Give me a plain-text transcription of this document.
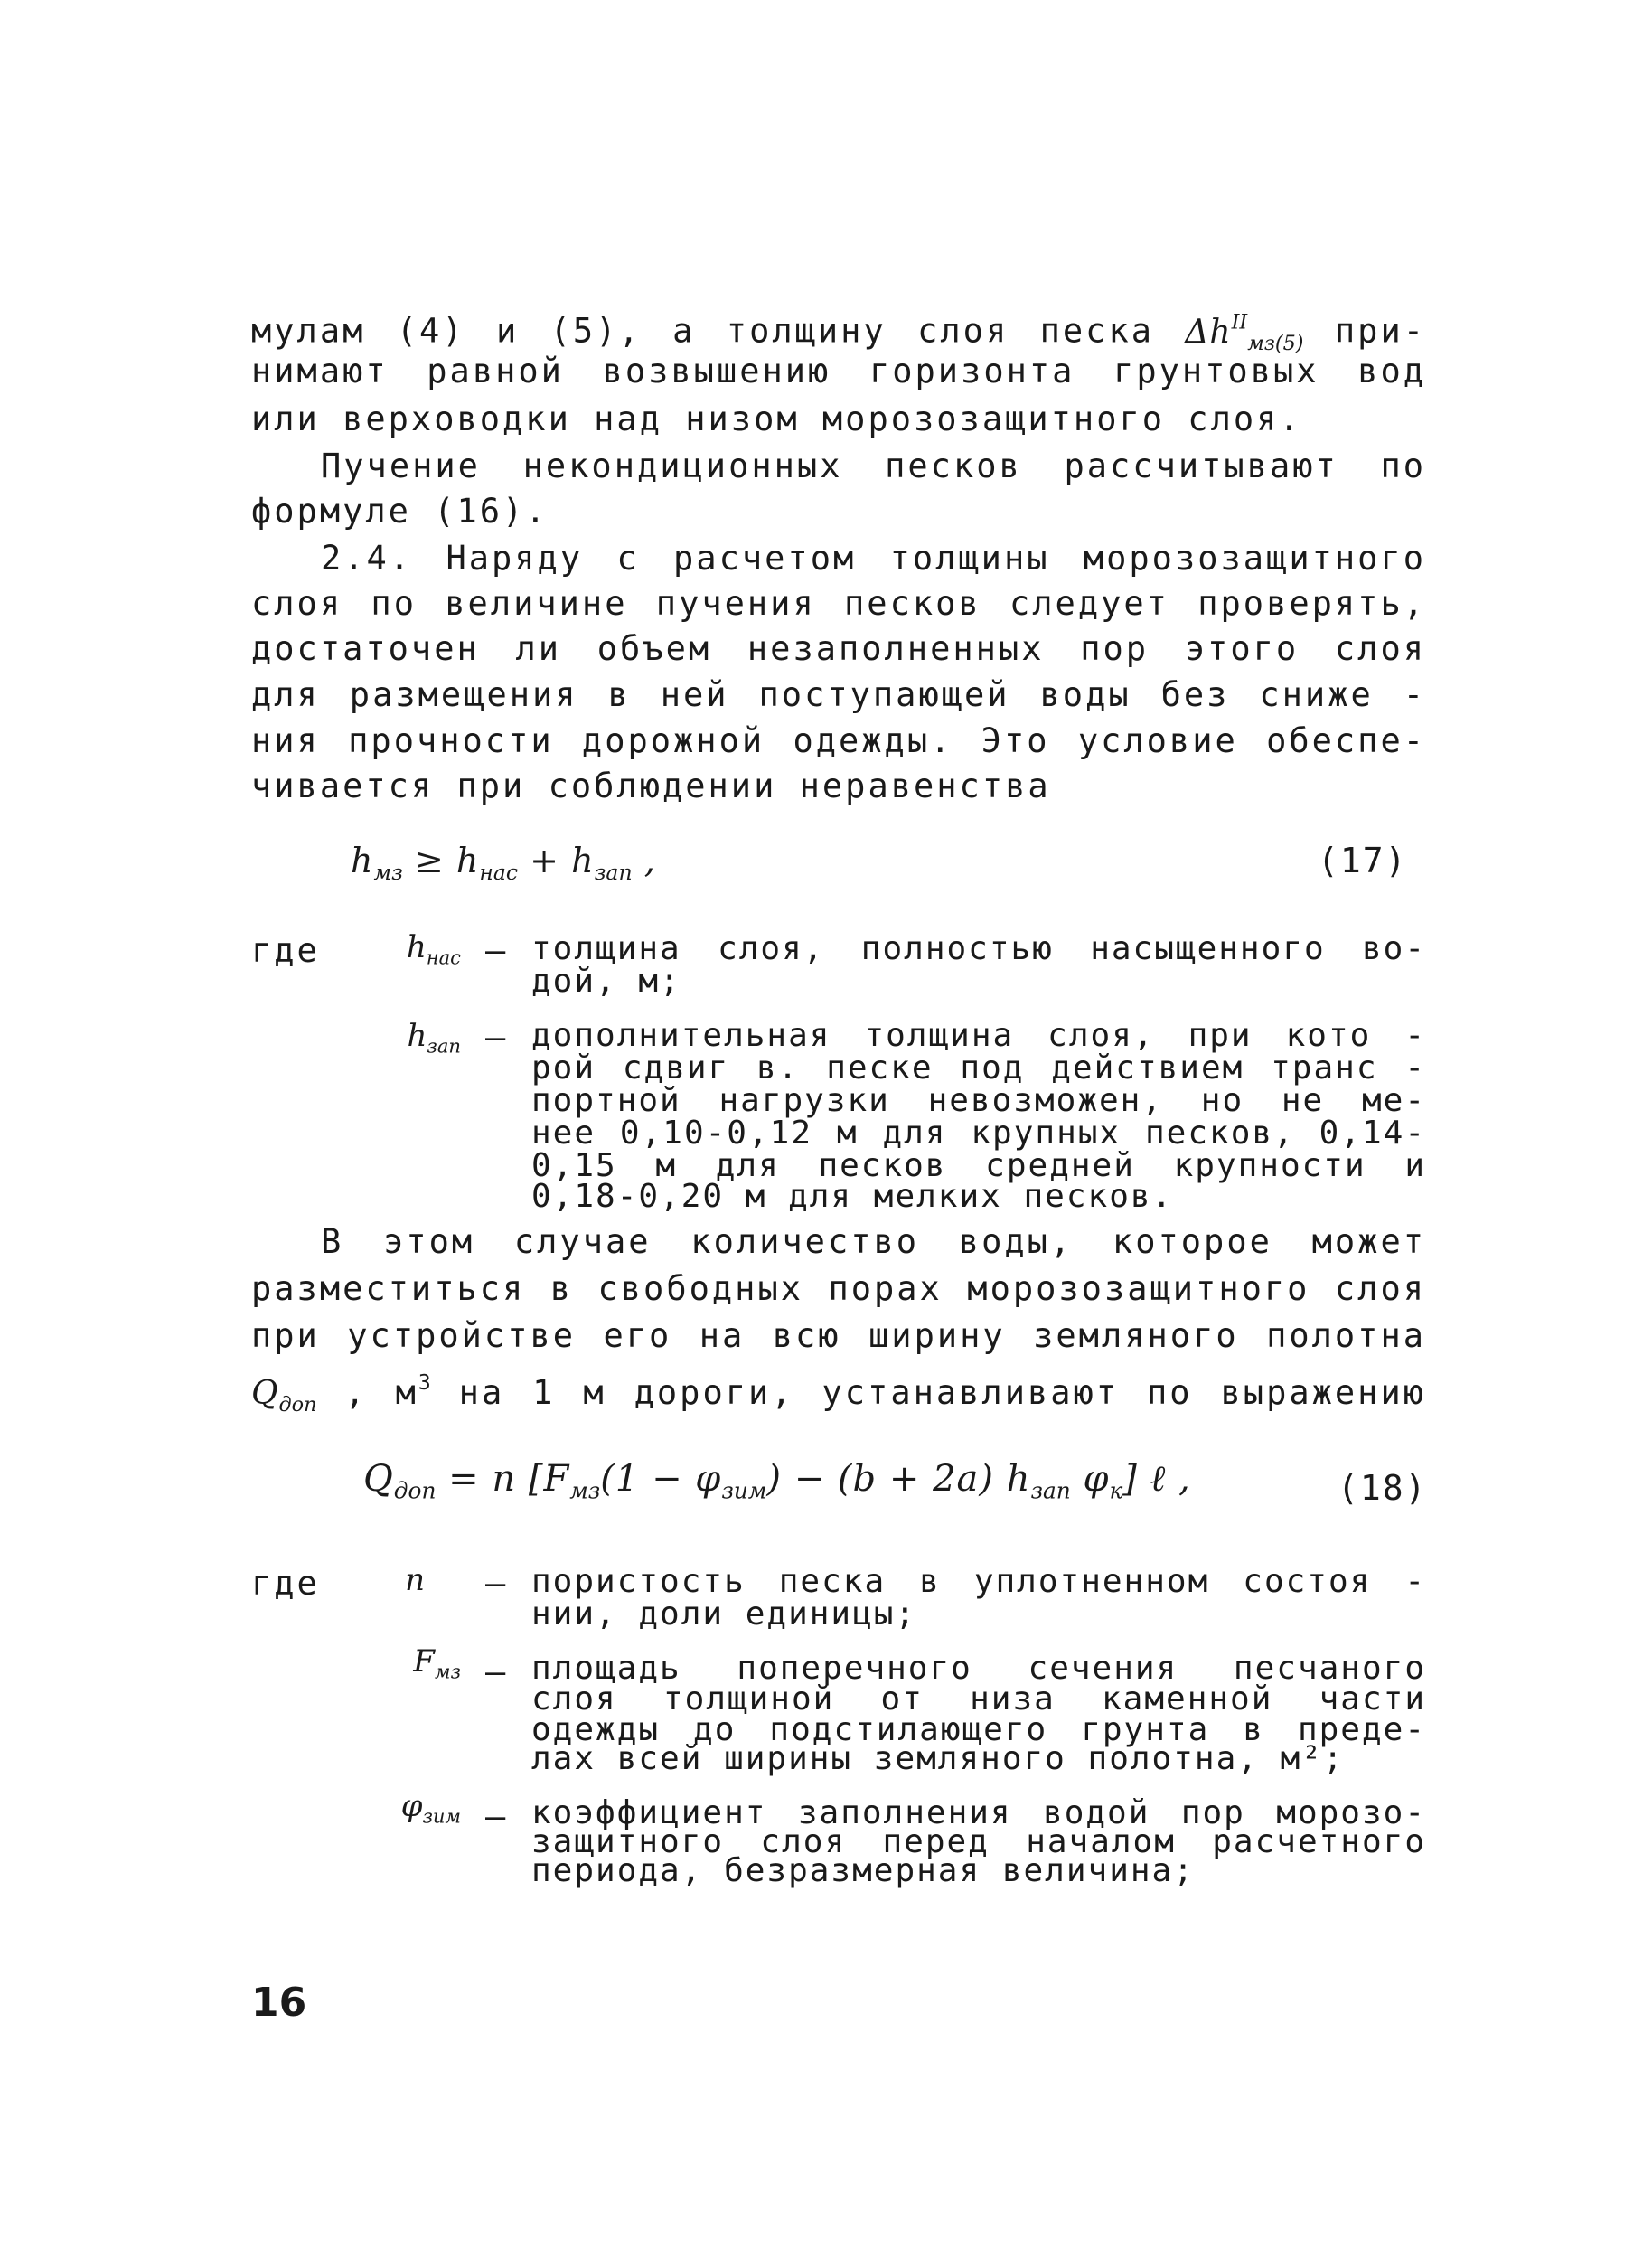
мулам (4) и (5), а толщину слоя песка $\Delta h^{II}_{мз(5)}$ при-
нимают равной возвышению горизонта грунтовых вод
или верховодки над низом морозозащитного слоя.
Пучение некондиционных песков рассчитывают по
формуле (16).
2.4. Наряду с расчетом толщины морозозащитного
слоя по величине пучения песков следует проверять,
достаточен ли объем незаполненных пор этого слоя
для размещения в ней поступающей воды без сниже -
ния прочности дорожной одежды. Это условие обеспе-
чивается при соблюдении неравенства
$h_{мз} \ge h_{нас} + h_{зап}$ ,	(17)
где	$h_{нас}$ – толщина слоя, полностью насыщенного во-
дой, м;
$h_{зап}$ – дополнительная толщина слоя, при кото -
рой сдвиг в. песке под действием транс -
портной нагрузки невозможен, но не ме-
нее 0,10-0,12 м для крупных песков, 0,14-
0,15 м для песков средней крупности и
0,18-0,20 м для мелких песков.
В этом случае количество воды, которое может
разместиться в свободных порах морозозащитного слоя
при устройстве его на всю ширину земляного полотна
$Q_{доп}$ , $м^3$ на 1 м дороги, устанавливают по выражению
$Q_{доп} = n$ [$F_{мз}(1 - \varphi_{зим}) - (b + 2a)$ $h_{зап}$ $\varphi_к$] ℓ ,	(18)
где	n – пористость песка в уплотненном состоя -
нии, доли единицы;
$F_{мз}$ – площадь поперечного сечения песчаного
слоя толщиной от низа каменной части
одежды до подстилающего грунта в преде-
лах всей ширины земляного полотна, м²;
$\varphi_{зим}$ – коэффициент заполнения водой пор морозо-
защитного слоя перед началом расчетного
периода, безразмерная величина;
16
